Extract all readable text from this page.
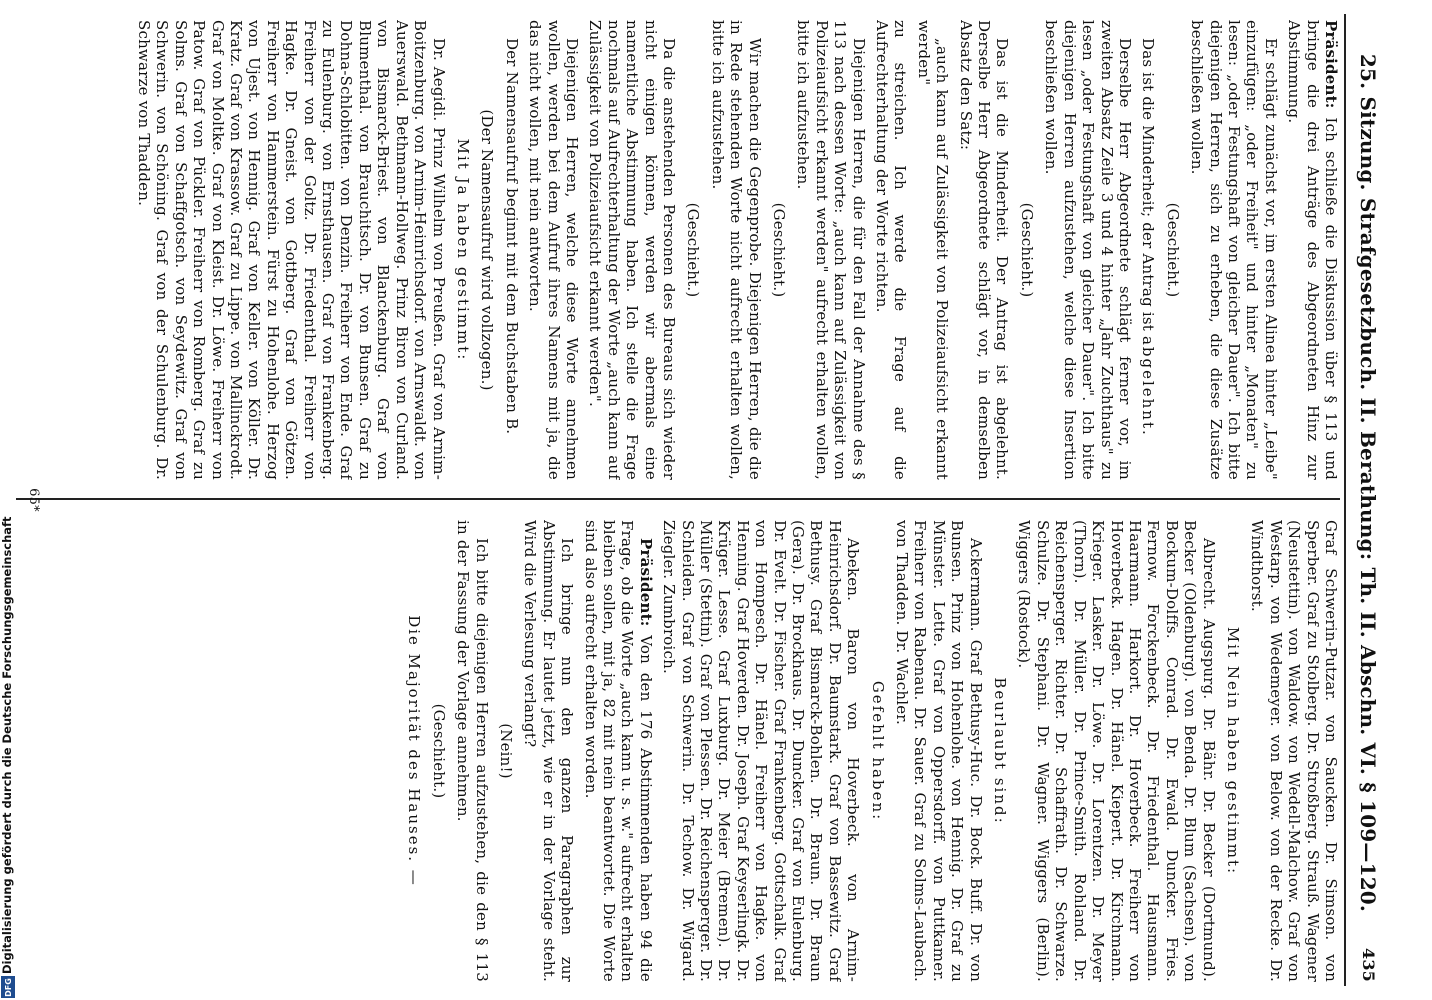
25. Sitzung. Strafgesetzbuch. II. Berathung: Th. II. Abschn. VI. § 109—120.
435

Präsident: Ich schließe die Diskussion über § 113 und bringe die drei Anträge des Abgeordneten Hinz zur Abstimmung.

Er schlägt zunächst vor, im ersten Alinea hinter „Leibe" einzufügen: „oder Freiheit" und hinter „Monaten" zu lesen: „oder Festungshaft von gleicher Dauer". Ich bitte diejenigen Herren, sich zu erheben, die diese Zusätze beschließen wollen.

(Geschieht.)

Das ist die Minderheit; der Antrag ist abgelehnt.

Derselbe Herr Abgeordnete schlägt ferner vor, im zweiten Absatz Zeile 3 und 4 hinter „Jahr Zuchthaus" zu lesen „oder Festungshaft von gleicher Dauer". Ich bitte diejenigen Herren aufzustehen, welche diese Insertion beschließen wollen.

(Geschieht.)

Das ist die Minderheit. Der Antrag ist abgelehnt. Derselbe Herr Abgeordnete schlägt vor, in demselben Absatz den Satz:

„auch kann auf Zulässigkeit von Polizeiaufsicht erkannt werden"

zu streichen. Ich werde die Frage auf die Aufrechterhaltung der Worte richten.

Diejenigen Herren, die für den Fall der Annahme des § 113 nach dessen Worte: „auch kann auf Zulässigkeit von Polizeiaufsicht erkannt werden" aufrecht erhalten wollen, bitte ich aufzustehen.

(Geschieht.)

Wir machen die Gegenprobe. Diejenigen Herren, die die in Rede stehenden Worte nicht aufrecht erhalten wollen, bitte ich aufzustehen.

(Geschieht.)

Da die anstehenden Personen des Bureaus sich wieder nicht einigen können, werden wir abermals eine namentliche Abstimmung haben. Ich stelle die Frage nochmals auf Aufrechterhaltung der Worte „auch kann auf Zulässigkeit von Polizeiaufsicht erkannt werden".

Diejenigen Herren, welche diese Worte annehmen wollen, werden bei dem Aufruf ihres Namens mit ja, die das nicht wollen, mit nein antworten.

Der Namensaufruf beginnt mit dem Buchstaben B.

(Der Namensaufruf wird vollzogen.)

Mit Ja haben gestimmt:

Dr. Aegidi. Prinz Wilhelm von Preußen. Graf von Arnim-Boitzenburg. von Arnim-Heinrichsdorf. von Arnswaldt. von Auerswald. Bethmann-Hollweg. Prinz Biron von Curland. von Bismarck-Briest. von Blanckenburg. Graf von Blumenthal. von Brauchitsch. Dr. von Bunsen. Graf zu Dohna-Schlobitten. von Denzin. Freiherr von Ende. Graf zu Eulenburg. von Ernsthausen. Graf von Frankenberg. Freiherr von der Goltz. Dr. Friedenthal. Freiherr von Hagke. Dr. Gneist. von Gottberg. Graf von Götzen. Freiherr von Hammerstein. Fürst zu Hohenlohe. Herzog von Ujest. von Hennig. Graf von Keller. von Köller. Dr. Kratz. Graf von Krassow. Graf zu Lippe. von Mallinckrodt. Graf von Moltke. Graf von Kleist. Dr. Löwe. Freiherr von Patow. Graf von Pückler. Freiherr von Romberg. Graf zu Solms. Graf von Schaffgotsch. von Seydewitz. Graf von Schwerin. von Schöning. Graf von der Schulenburg. Dr. Schwarze von Thadden.

Graf Schwerin-Putzar. von Saucken. Dr. Simson. von Sperber. Graf zu Stolberg. Dr. Stroßberg. Strauß. Wagener (Neustettin). von Waldow. von Wedell-Malchow. Graf von Westarp. von Wedemeyer. von Below. von der Recke. Dr. Windthorst.

Mit Nein haben gestimmt:

Albrecht. Augspurg. Dr. Bähr. Dr. Becker (Dortmund). Becker (Oldenburg). von Benda. Dr. Blum (Sachsen). von Bockum-Dolffs. Conrad. Dr. Ewald. Duncker. Fries. Fernow. Forckenbeck. Dr. Friedenthal. Hausmann. Haarmann. Harkort. Dr. Hoverbeck. Freiherr von Hoverbeck. Hagen. Dr. Hänel. Kiepert. Dr. Kirchmann. Krieger. Lasker. Dr. Löwe. Dr. Lorentzen. Dr. Meyer (Thorn). Dr. Müller. Dr. Prince-Smith. Rohland. Dr. Reichensperger. Richter. Dr. Schaffrath. Dr. Schwarze. Schulze. Dr. Stephani. Dr. Wagner. Wiggers (Berlin). Wiggers (Rostock).

Beurlaubt sind:

Ackermann. Graf Bethusy-Huc. Dr. Bock. Buff. Dr. von Bunsen. Prinz von Hohenlohe. von Hennig. Dr. Graf zu Münster. Lette. Graf von Oppersdorff. von Puttkamer. Freiherr von Rabenau. Dr. Sauer. Graf zu Solms-Laubach. von Thadden. Dr. Wachler.

Gefehlt haben:

Abeken. Baron von Hoverbeck. von Arnim-Heinrichsdorf. Dr. Baumstark. Graf von Bassewitz. Graf Bethusy. Graf Bismarck-Bohlen. Dr. Braun. Dr. Braun (Gera). Dr. Brockhaus. Dr. Duncker. Graf von Eulenburg. Dr. Evelt. Dr. Fischer. Graf Frankenberg. Gottschalk. Graf von Hompesch. Dr. Hänel. Freiherr von Hagke. von Henning. Graf Hoverden. Dr. Joseph. Graf Keyserlingk. Dr. Krüger. Lesse. Graf Luxburg. Dr. Meier (Bremen). Dr. Müller (Stettin). Graf von Plessen. Dr. Reichensperger. Dr. Schleiden. Graf von Schwerin. Dr. Techow. Dr. Wigard. Ziegler. Zumbroich.

Präsident: Von den 176 Abstimmenden haben 94 die Frage, ob die Worte „auch kann u. s. w." aufrecht erhalten bleiben sollen, mit ja, 82 mit nein beantwortet. Die Worte sind also aufrecht erhalten worden.

Ich bringe nun den ganzen Paragraphen zur Abstimmung. Er lautet jetzt, wie er in der Vorlage steht. Wird die Verlesung verlangt?

(Nein!)

Ich bitte diejenigen Herren aufzustehen, die den § 113 in der Fassung der Vorlage annehmen.

(Geschieht.)

Die Majorität des Hauses. —

65*
Digitalisierung gefördert durch die Deutsche Forschungsgemeinschaft
DFG
